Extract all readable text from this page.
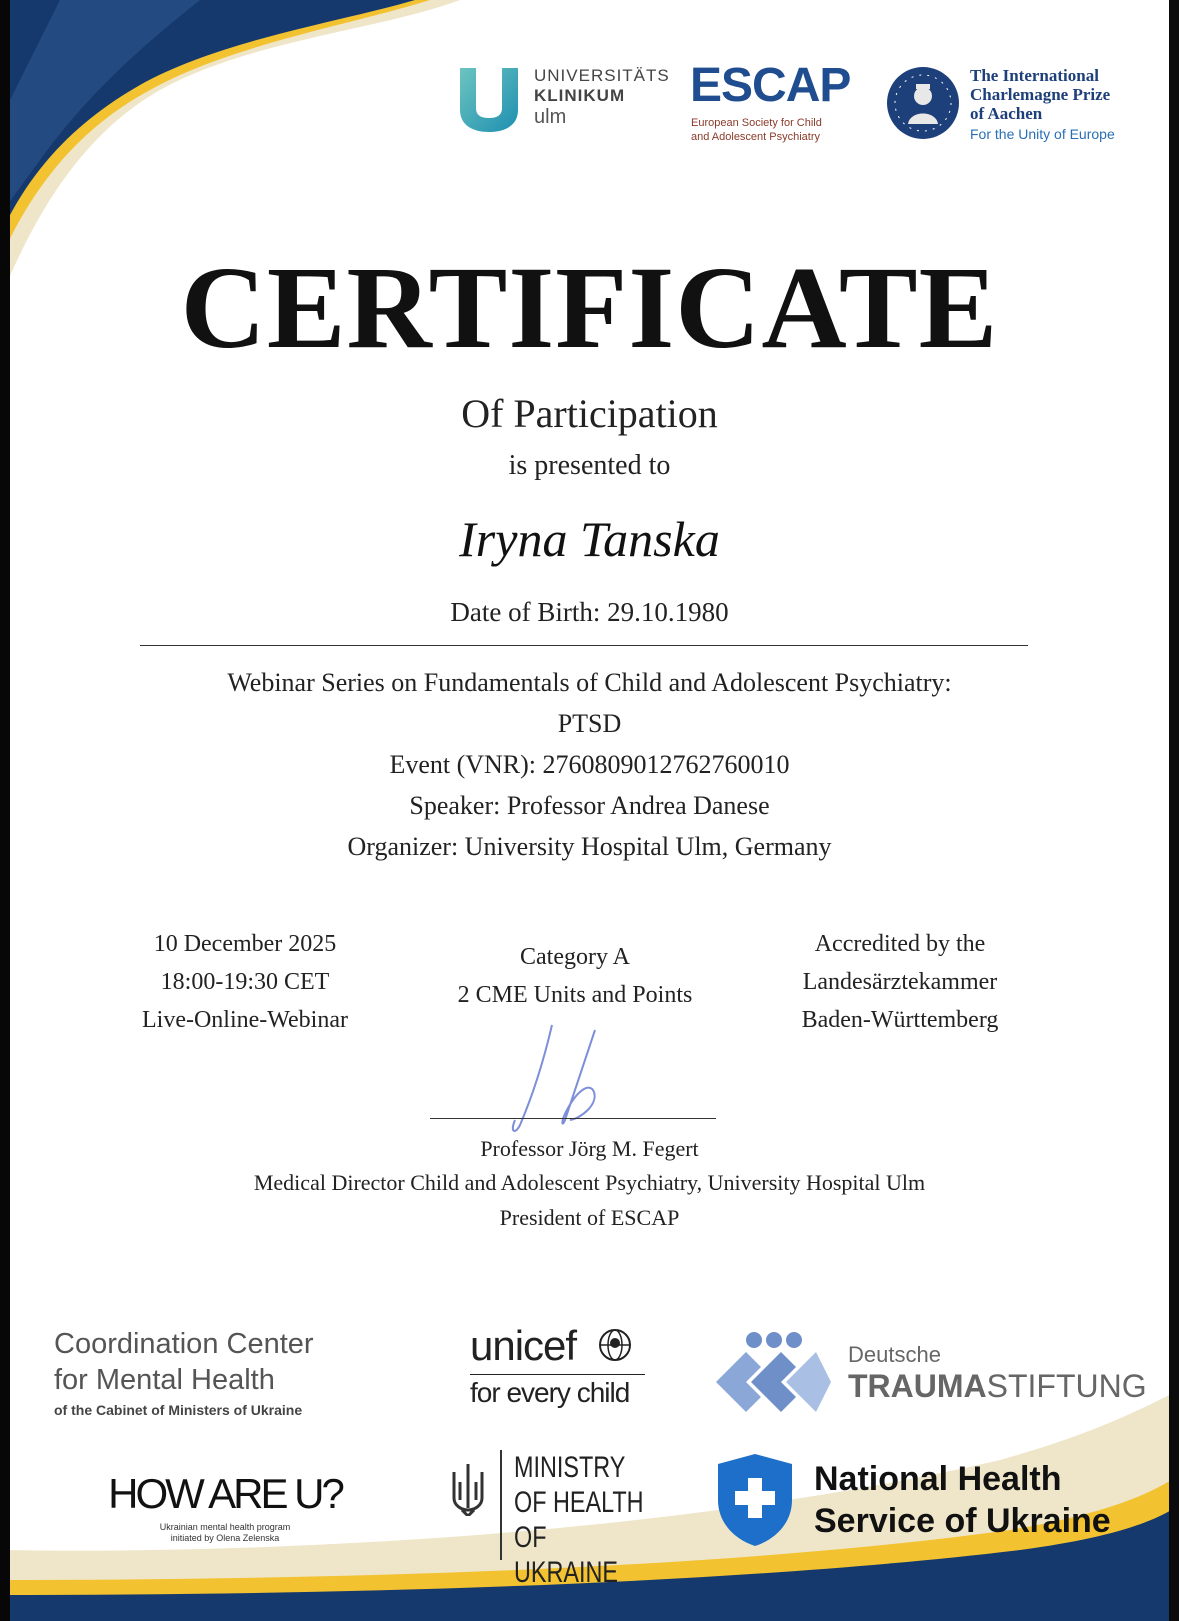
UNIVERSITÄTS
KLINIKUM
ulm
ESCAP
European Society for Child
and Adolescent Psychiatry
The International
Charlemagne Prize
of Aachen
For the Unity of Europe
CERTIFICATE
Of Participation
is presented to
Iryna Tanska
Date of Birth: 29.10.1980
Webinar Series on Fundamentals of Child and Adolescent Psychiatry:
PTSD
Event (VNR): 2760809012762760010
Speaker: Professor Andrea Danese
Organizer: University Hospital Ulm, Germany
10 December 2025
18:00-19:30 CET
Live-Online-Webinar
Category A
2 CME Units and Points
Accredited by the
Landesärztekammer
Baden-Württemberg
Professor Jörg M. Fegert
Medical Director Child and Adolescent Psychiatry, University Hospital Ulm
President of ESCAP
Coordination Center
for Mental Health
of the Cabinet of Ministers of Ukraine
unicef
for every child
Deutsche
TRAUMASTIFTUNG
HOW ARE U?
Ukrainian mental health program
initiated by Olena Zelenska
MINISTRY
OF HEALTH
OF UKRAINE
National Health
Service of Ukraine
